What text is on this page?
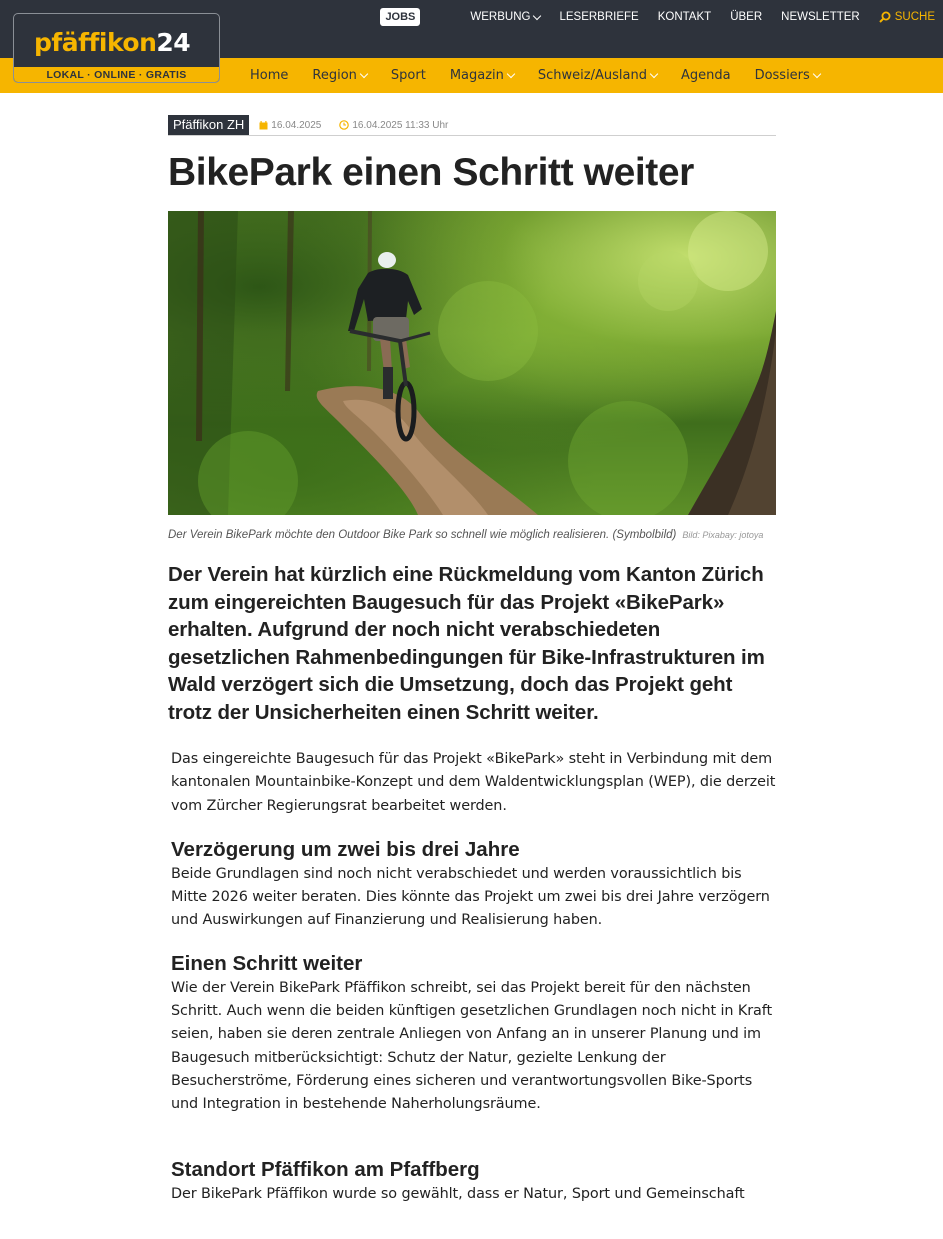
JOBS	WERBUNG	LESERBRIEFE KONTAKT ÜBER NEWSLETTER	SUCHE
Home Region	Sport Magazin	Schweiz/Ausland	Agenda Dossiers
pfäffikon24
LOKAL · ONLINE · GRATIS
Pfäffikon ZH	16.04.2025	16.04.2025 11:33 Uhr
BikePark einen Schritt weiter
Der Verein BikePark möchte den Outdoor Bike Park so schnell wie möglich realisieren. (Symbolbild) Bild: Pixabay: jotoya

Der Verein hat kürzlich eine Rückmeldung vom Kanton Zürich zum eingereichten Baugesuch für das Projekt «BikePark» erhalten. Aufgrund der noch nicht verabschiedeten gesetzlichen Rahmenbedingungen für Bike-Infrastrukturen im Wald verzögert sich die Umsetzung, doch das Projekt geht trotz der Unsicherheiten einen Schritt weiter.

Das eingereichte Baugesuch für das Projekt «BikePark» steht in Verbindung mit dem kantonalen Mountainbike-Konzept und dem Waldentwicklungsplan (WEP), die derzeit vom Zürcher Regierungsrat bearbeitet werden.

Verzögerung um zwei bis drei Jahre

Beide Grundlagen sind noch nicht verabschiedet und werden voraussichtlich bis Mitte 2026 weiter beraten. Dies könnte das Projekt um zwei bis drei Jahre verzögern und Auswirkungen auf Finanzierung und Realisierung haben.

Einen Schritt weiter

Wie der Verein BikePark Pfäffikon schreibt, sei das Projekt bereit für den nächsten Schritt. Auch wenn die beiden künftigen gesetzlichen Grundlagen noch nicht in Kraft seien, haben sie deren zentrale Anliegen von Anfang an in unserer Planung und im Baugesuch mitberücksichtigt: Schutz der Natur, gezielte Lenkung der Besucherströme, Förderung eines sicheren und verantwortungsvollen Bike-Sports und Integration in bestehende Naherholungsräume.

Standort Pfäffikon am Pfaffberg

Der BikePark Pfäffikon wurde so gewählt, dass er Natur, Sport und Gemeinschaft
